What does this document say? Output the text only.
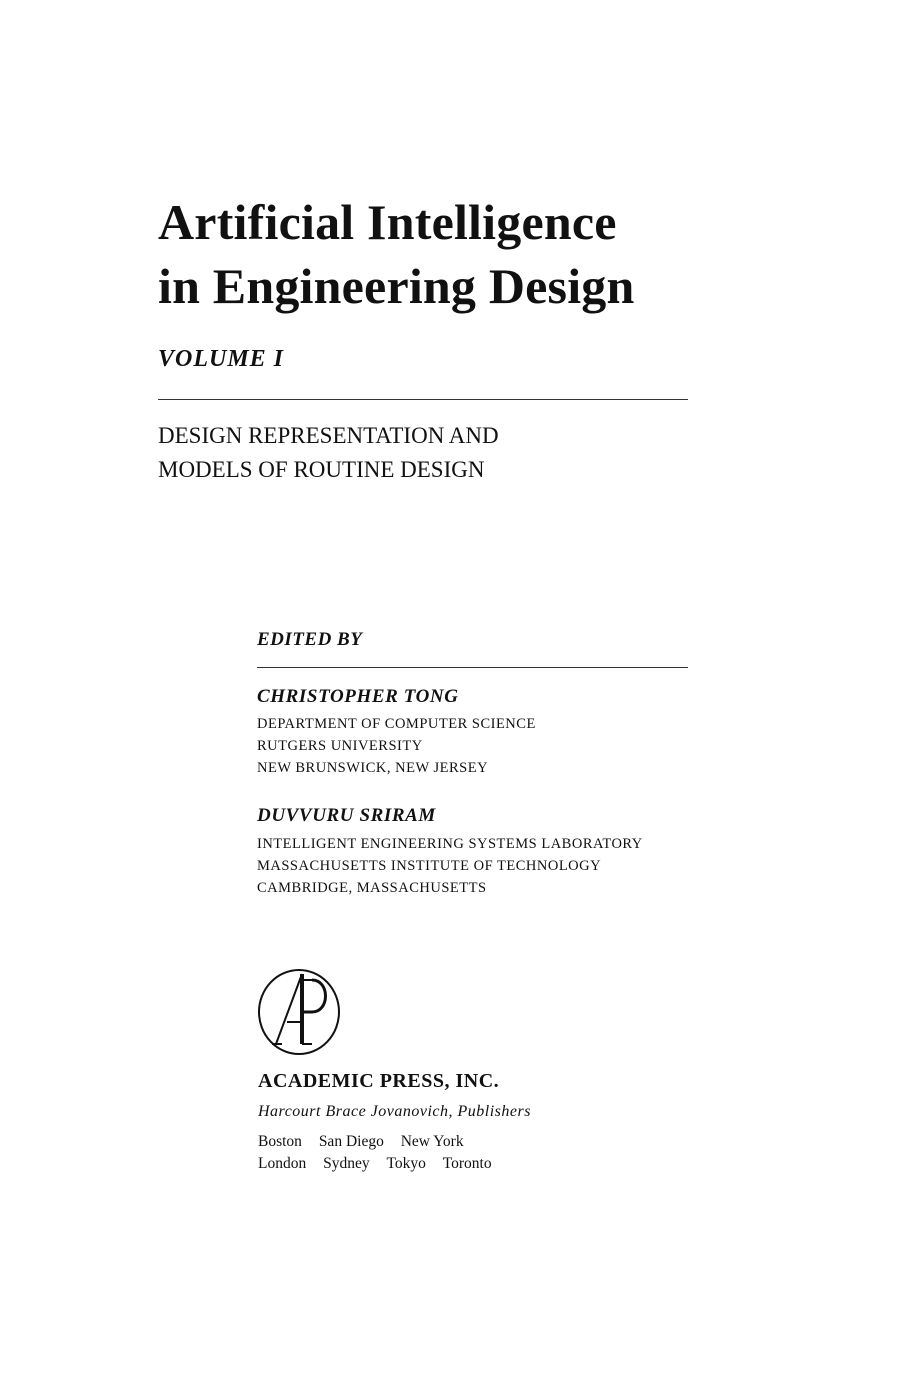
Artificial Intelligence
in Engineering Design
VOLUME I
DESIGN REPRESENTATION AND
MODELS OF ROUTINE DESIGN
EDITED BY
CHRISTOPHER TONG
DEPARTMENT OF COMPUTER SCIENCE
RUTGERS UNIVERSITY
NEW BRUNSWICK, NEW JERSEY
DUVVURU SRIRAM
INTELLIGENT ENGINEERING SYSTEMS LABORATORY
MASSACHUSETTS INSTITUTE OF TECHNOLOGY
CAMBRIDGE, MASSACHUSETTS
ACADEMIC PRESS, INC.
Harcourt Brace Jovanovich, Publishers
Boston San Diego New York
London Sydney Tokyo Toronto
